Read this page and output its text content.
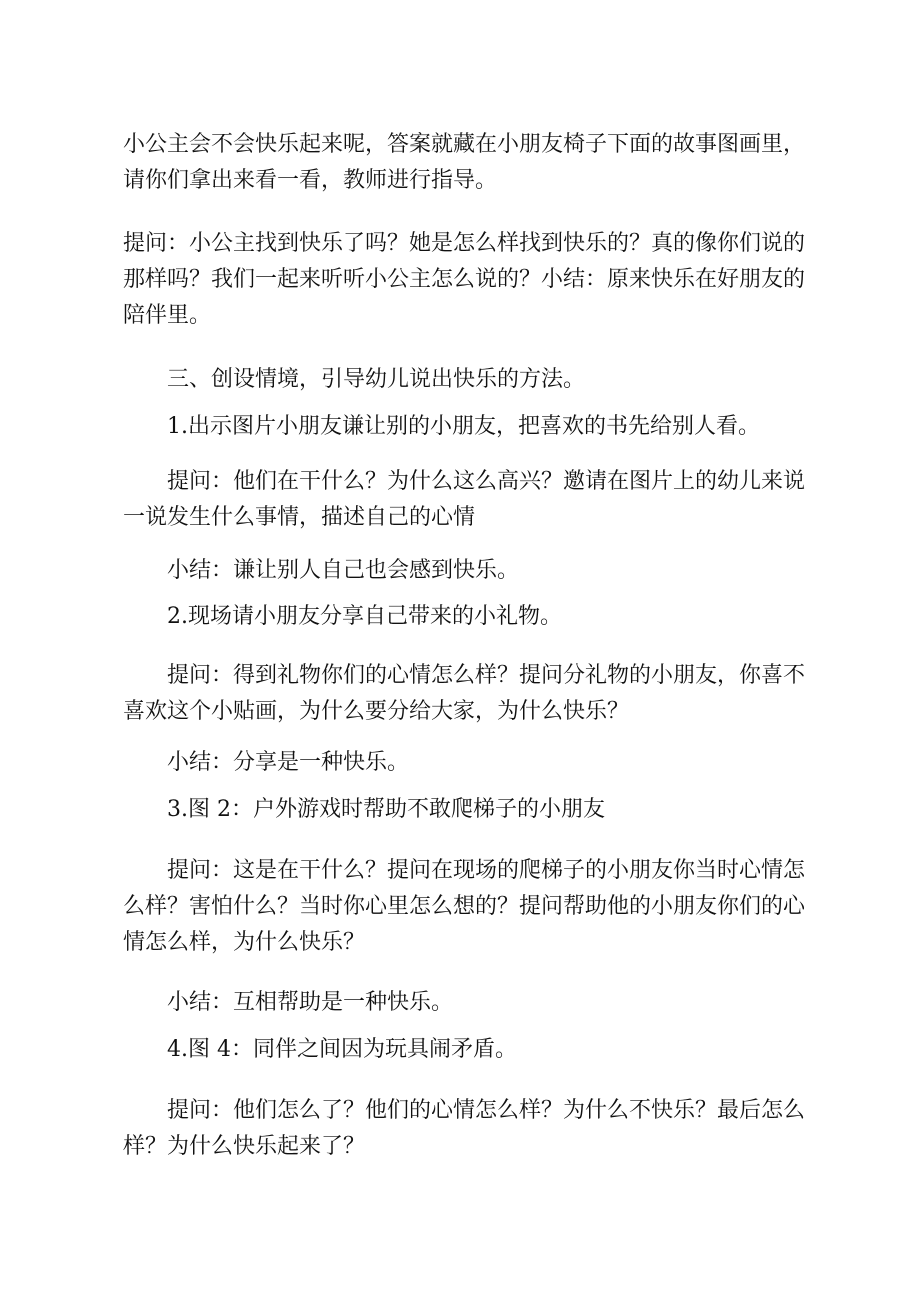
小公主会不会快乐起来呢，答案就藏在小朋友椅子下面的故事图画里，
请你们拿出来看一看，教师进行指导。
提问：小公主找到快乐了吗？她是怎么样找到快乐的？真的像你们说的
那样吗？我们一起来听听小公主怎么说的？小结：原来快乐在好朋友的
陪伴里。
三、创设情境，引导幼儿说出快乐的方法。
1.出示图片小朋友谦让别的小朋友，把喜欢的书先给别人看。
提问：他们在干什么？为什么这么高兴？邀请在图片上的幼儿来说
一说发生什么事情，描述自己的心情
小结：谦让别人自己也会感到快乐。
2.现场请小朋友分享自己带来的小礼物。
提问：得到礼物你们的心情怎么样？提问分礼物的小朋友，你喜不
喜欢这个小贴画，为什么要分给大家，为什么快乐？
小结：分享是一种快乐。
3.图 2：户外游戏时帮助不敢爬梯子的小朋友
提问：这是在干什么？提问在现场的爬梯子的小朋友你当时心情怎
么样？害怕什么？当时你心里怎么想的？提问帮助他的小朋友你们的心
情怎么样，为什么快乐？
小结：互相帮助是一种快乐。
4.图 4：同伴之间因为玩具闹矛盾。
提问：他们怎么了？他们的心情怎么样？为什么不快乐？最后怎么
样？为什么快乐起来了？
